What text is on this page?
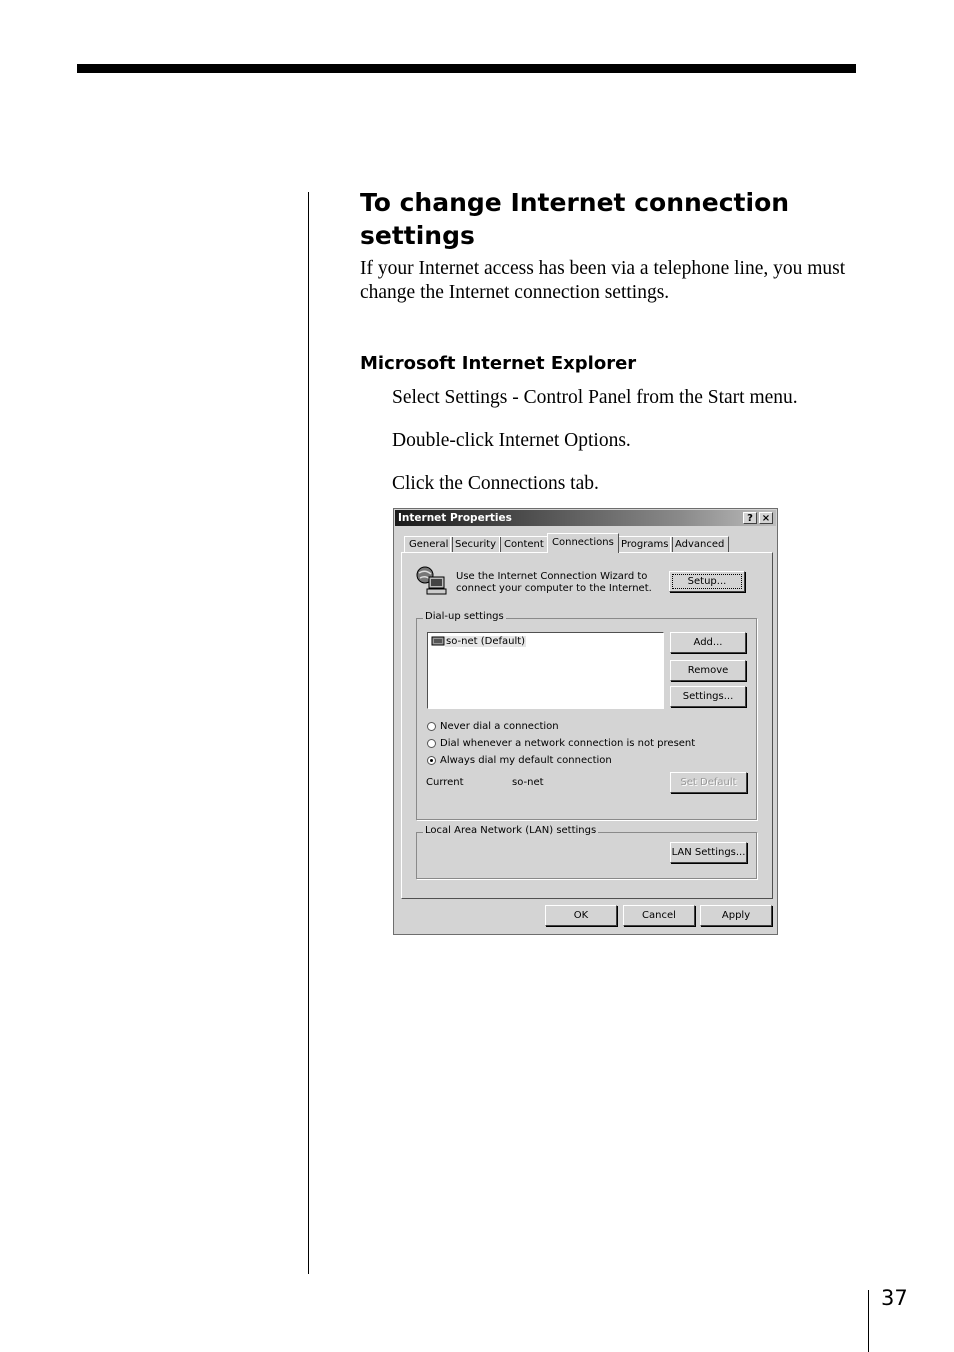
To change Internet connection settings

If your Internet access has been via a telephone line, you must change the Internet connection settings.

Microsoft Internet Explorer

Select Settings - Control Panel from the Start menu.

Double-click Internet Options.

Click the Connections tab.

Internet Properties	? ×
General Security Content Connections Programs Advanced
Use the Internet Connection Wizard to
connect your computer to the Internet.
Setup...
Dial-up settings
so-net (Default)	Add...
Remove
Settings...
Never dial a connection
Dial whenever a network connection is not present
Always dial my default connection
Current	so-net	Set Default
Local Area Network (LAN) settings
LAN Settings...
OK	Cancel	Apply
37
